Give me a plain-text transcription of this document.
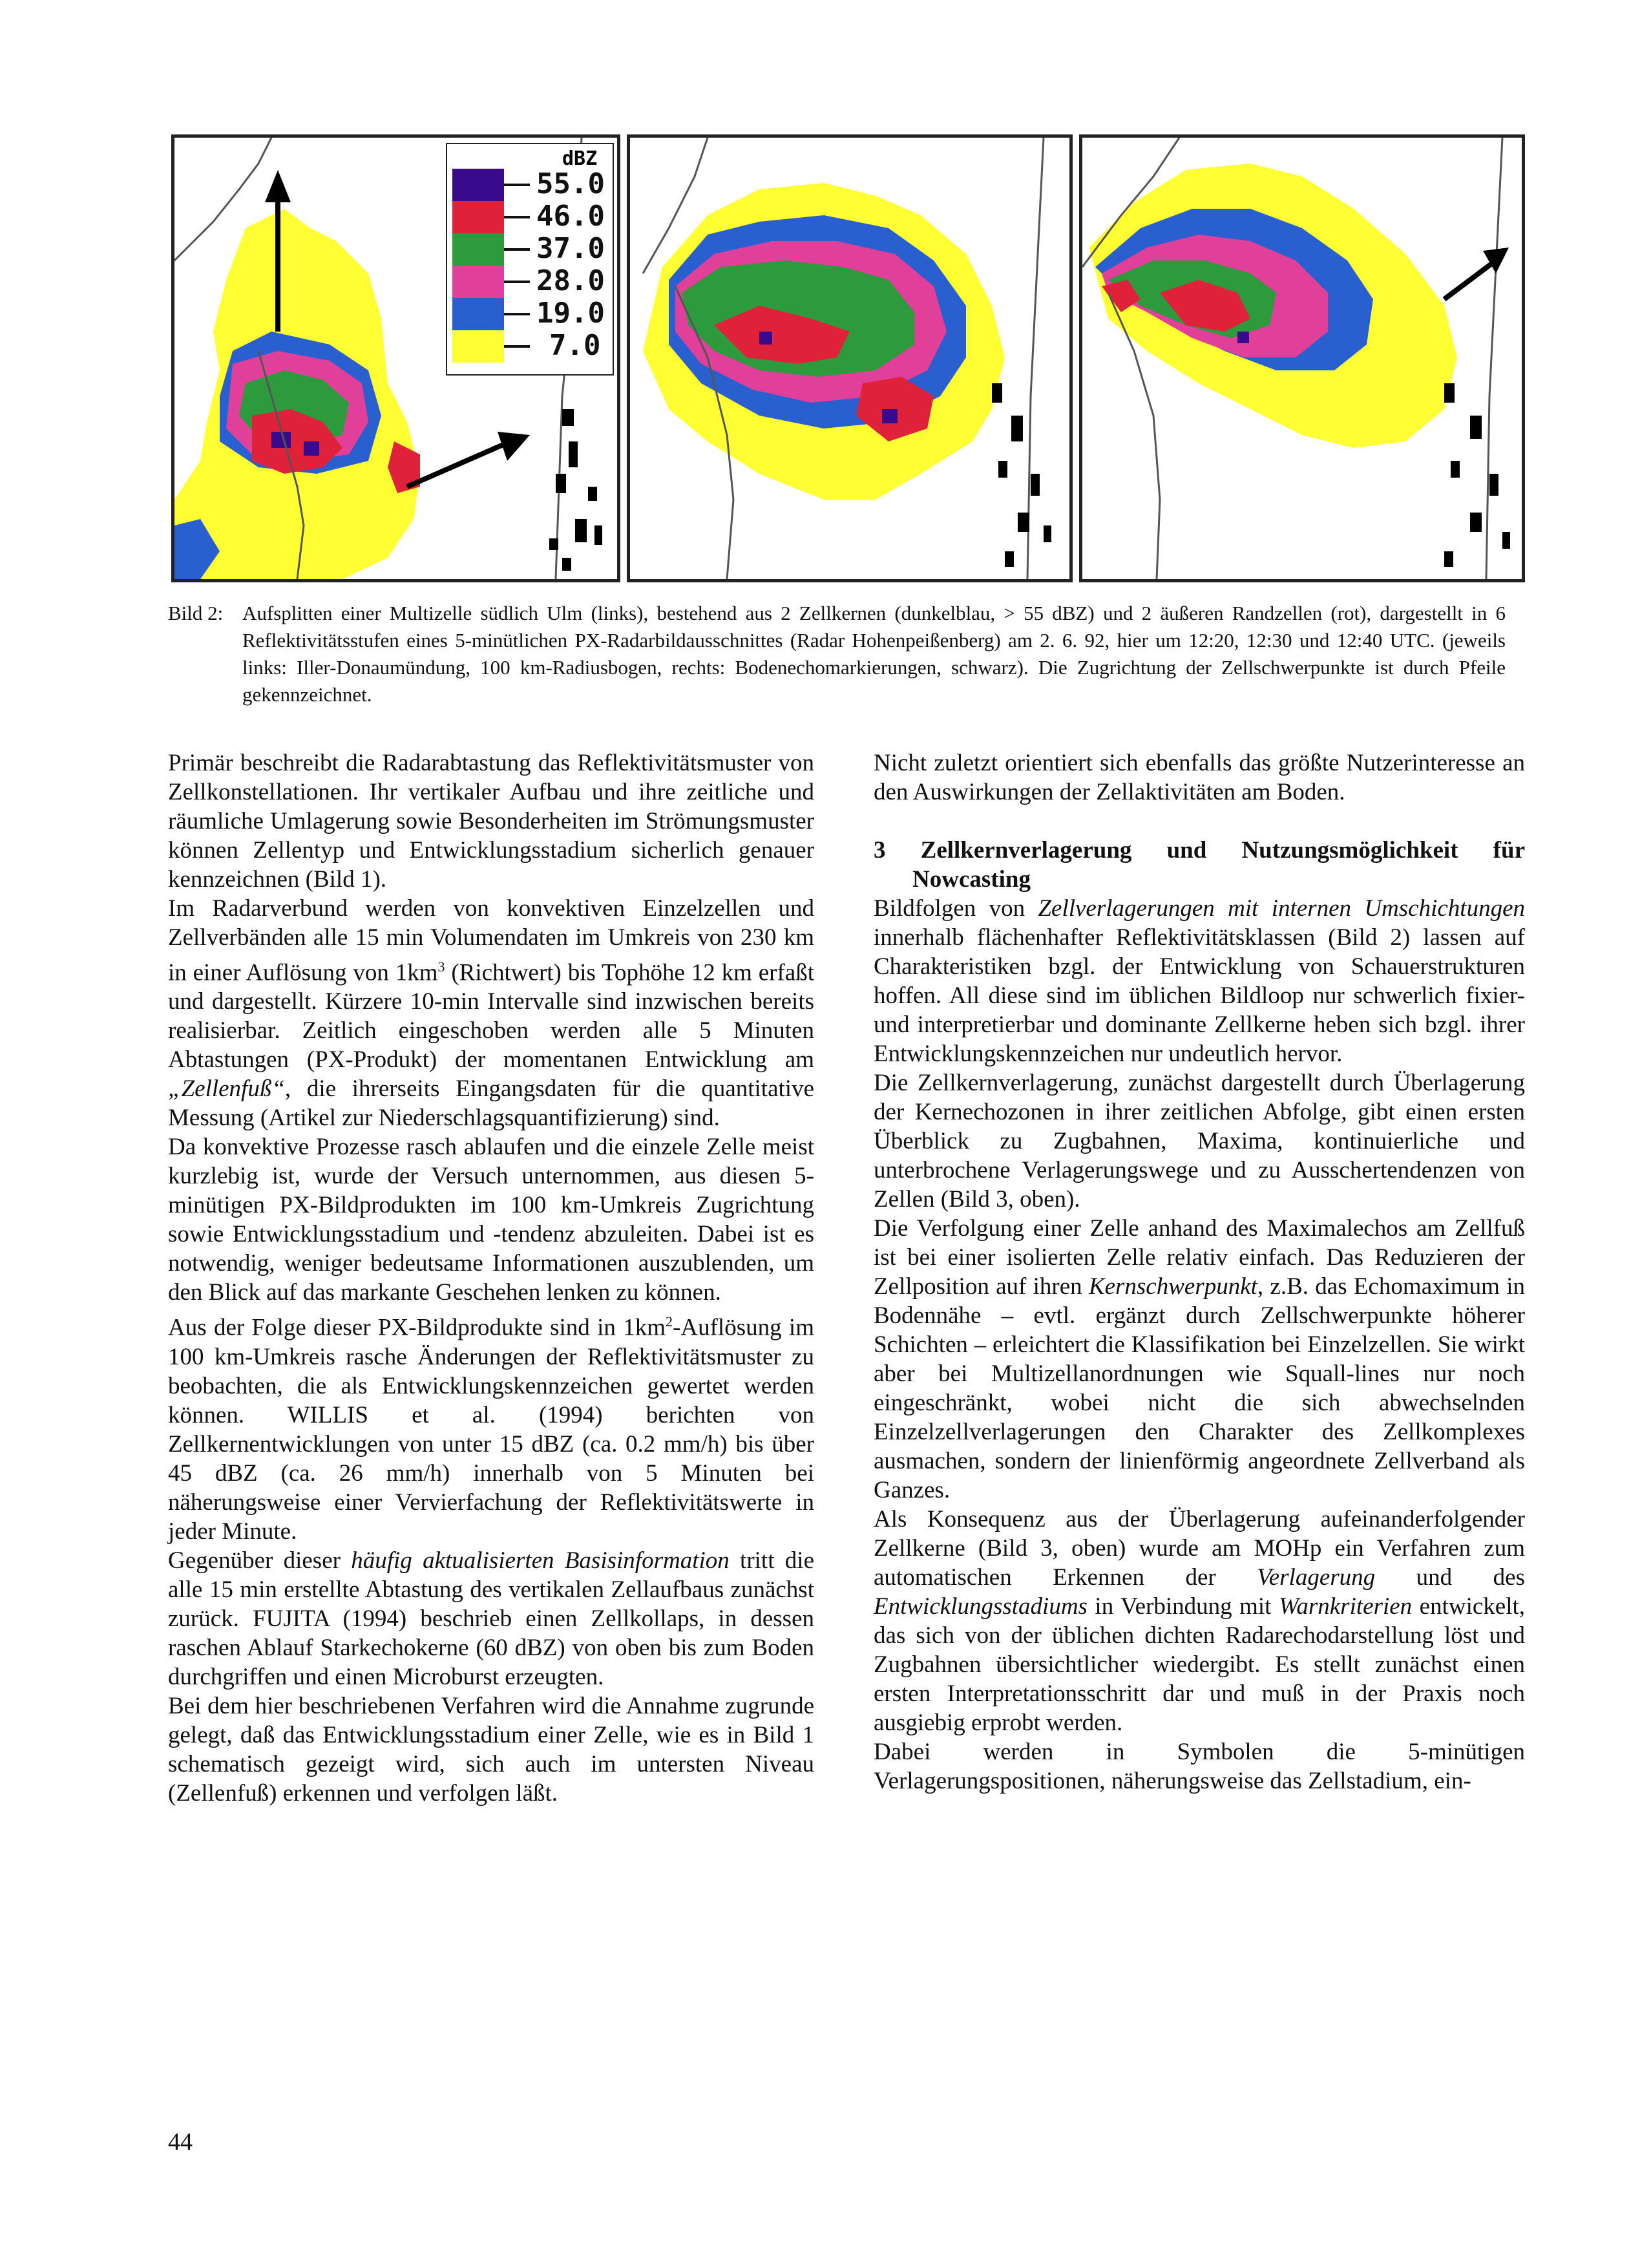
dBZ
55.0
46.0
37.0
28.0
19.0
7.0
Bild 2: Aufsplitten einer Multizelle südlich Ulm (links), bestehend aus 2 Zellkernen (dunkelblau, > 55 dBZ) und 2 äußeren Randzellen (rot), dargestellt in 6 Reflektivitätsstufen eines 5-minütlichen PX-Radarbildausschnittes (Radar Hohenpeißenberg) am 2. 6. 92, hier um 12:20, 12:30 und 12:40 UTC. (jeweils links: Iller-Donaumündung, 100 km-Radiusbogen, rechts: Bodenechomarkierungen, schwarz). Die Zugrichtung der Zellschwerpunkte ist durch Pfeile gekennzeichnet.

Primär beschreibt die Radarabtastung das Reflektivitätsmuster von Zellkonstellationen. Ihr vertikaler Aufbau und ihre zeitliche und räumliche Umlagerung sowie Besonderheiten im Strömungsmuster können Zellentyp und Entwicklungsstadium sicherlich genauer kennzeichnen (Bild 1).

Im Radarverbund werden von konvektiven Einzelzellen und Zellverbänden alle 15 min Volumendaten im Umkreis von 230 km in einer Auflösung von $1km^3$ (Richtwert) bis Tophöhe 12 km erfaßt und dargestellt. Kürzere 10-min Intervalle sind inzwischen bereits realisierbar. Zeitlich eingeschoben werden alle 5 Minuten Abtastungen (PX-Produkt) der momentanen Entwicklung am „Zellenfuß“, die ihrerseits Eingangsdaten für die quantitative Messung (Artikel zur Niederschlagsquantifizierung) sind.

Da konvektive Prozesse rasch ablaufen und die einzele Zelle meist kurzlebig ist, wurde der Versuch unternommen, aus diesen 5-minütigen PX-Bildprodukten im 100 km-Umkreis Zugrichtung sowie Entwicklungsstadium und -tendenz abzuleiten. Dabei ist es notwendig, weniger bedeutsame Informationen auszublenden, um den Blick auf das markante Geschehen lenken zu können.

Aus der Folge dieser PX-Bildprodukte sind in $1km^2$-Auflösung im 100 km-Umkreis rasche Änderungen der Reflektivitätsmuster zu beobachten, die als Entwicklungskennzeichen gewertet werden können. WILLIS et al. (1994) berichten von Zellkernentwicklungen von unter 15 dBZ (ca. 0.2 mm/h) bis über 45 dBZ (ca. 26 mm/h) innerhalb von 5 Minuten bei näherungsweise einer Vervierfachung der Reflektivitätswerte in jeder Minute.

Gegenüber dieser häufig aktualisierten Basisinformation tritt die alle 15 min erstellte Abtastung des vertikalen Zellaufbaus zunächst zurück. FUJITA (1994) beschrieb einen Zellkollaps, in dessen raschen Ablauf Starkechokerne (60 dBZ) von oben bis zum Boden durchgriffen und einen Microburst erzeugten.

Bei dem hier beschriebenen Verfahren wird die Annahme zugrunde gelegt, daß das Entwicklungsstadium einer Zelle, wie es in Bild 1 schematisch gezeigt wird, sich auch im untersten Niveau (Zellenfuß) erkennen und verfolgen läßt.

Nicht zuletzt orientiert sich ebenfalls das größte Nutzerinteresse an den Auswirkungen der Zellaktivitäten am Boden.

3 Zellkernverlagerung und Nutzungsmöglichkeit für Nowcasting

Bildfolgen von Zellverlagerungen mit internen Umschichtungen innerhalb flächenhafter Reflektivitätsklassen (Bild 2) lassen auf Charakteristiken bzgl. der Entwicklung von Schauerstrukturen hoffen. All diese sind im üblichen Bildloop nur schwerlich fixier- und interpretierbar und dominante Zellkerne heben sich bzgl. ihrer Entwicklungskennzeichen nur undeutlich hervor.

Die Zellkernverlagerung, zunächst dargestellt durch Überlagerung der Kernechozonen in ihrer zeitlichen Abfolge, gibt einen ersten Überblick zu Zugbahnen, Maxima, kontinuierliche und unterbrochene Verlagerungswege und zu Ausschertendenzen von Zellen (Bild 3, oben).

Die Verfolgung einer Zelle anhand des Maximalechos am Zellfuß ist bei einer isolierten Zelle relativ einfach. Das Reduzieren der Zellposition auf ihren Kernschwerpunkt, z.B. das Echomaximum in Bodennähe – evtl. ergänzt durch Zellschwerpunkte höherer Schichten – erleichtert die Klassifikation bei Einzelzellen. Sie wirkt aber bei Multizellanordnungen wie Squall-lines nur noch eingeschränkt, wobei nicht die sich abwechselnden Einzelzellverlagerungen den Charakter des Zellkomplexes ausmachen, sondern der linienförmig angeordnete Zellverband als Ganzes.

Als Konsequenz aus der Überlagerung aufeinanderfolgender Zellkerne (Bild 3, oben) wurde am MOHp ein Verfahren zum automatischen Erkennen der Verlagerung und des Entwicklungsstadiums in Verbindung mit Warnkriterien entwickelt, das sich von der üblichen dichten Radarechodarstellung löst und Zugbahnen übersichtlicher wiedergibt. Es stellt zunächst einen ersten Interpretationsschritt dar und muß in der Praxis noch ausgiebig erprobt werden.

Dabei werden in Symbolen die 5-minütigen Verlagerungspositionen, näherungsweise das Zellstadium, ein-

44
